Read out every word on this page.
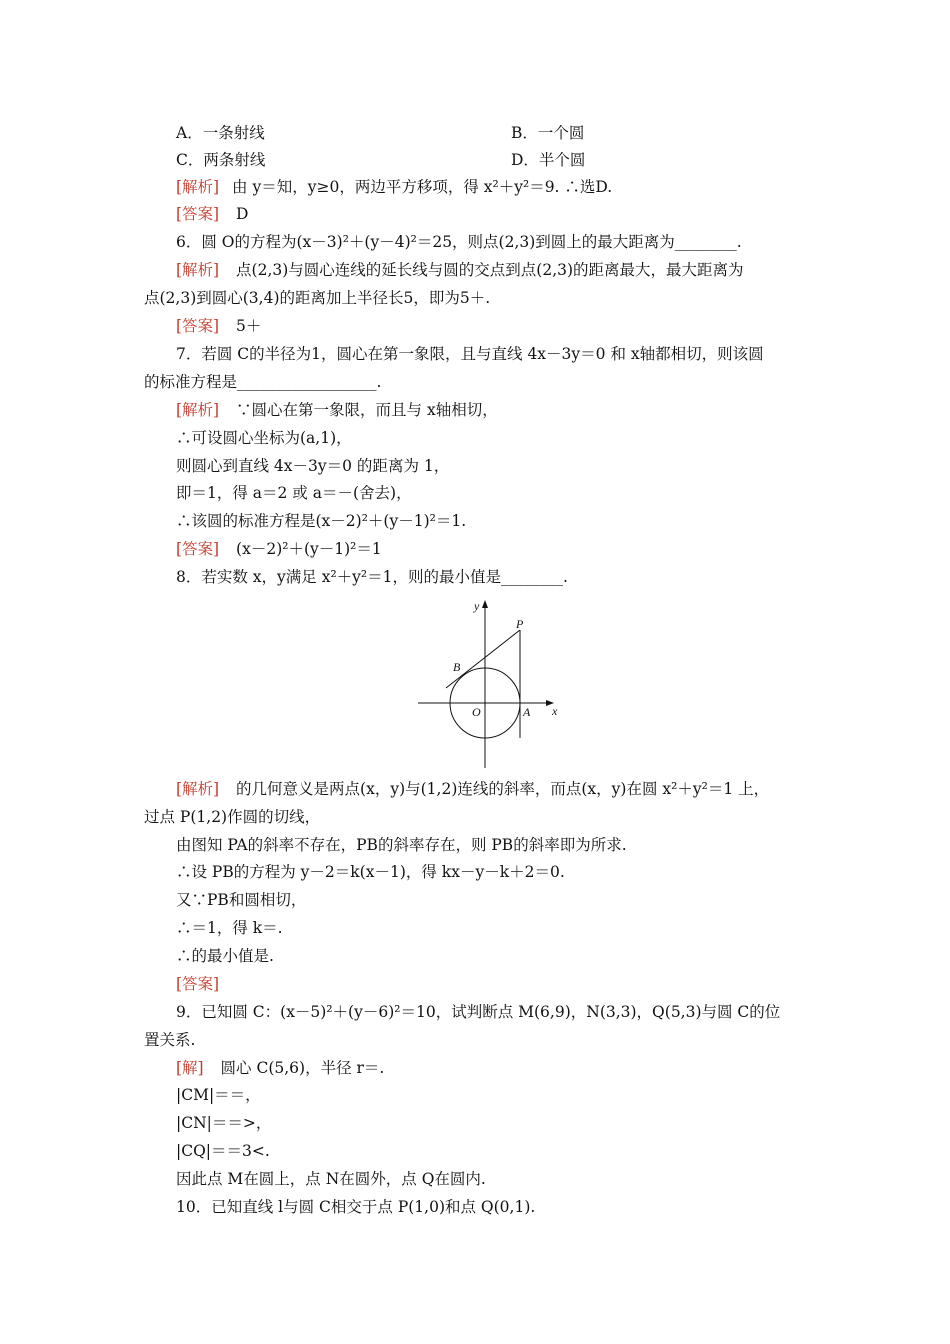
A．一条射线	B．一个圆
C．两条射线	D．半个圆
[解析] 由 y＝知，y≥0，两边平方移项，得 x²＋y²＝9. ∴选D.
[答案] D
6．圆 O的方程为(x－3)²＋(y－4)²＝25，则点(2,3)到圆上的最大距离为________.
[解析] 点(2,3)与圆心连线的延长线与圆的交点到点(2,3)的距离最大，最大距离为
点(2,3)到圆心(3,4)的距离加上半径长5，即为5＋.
[答案] 5＋
7．若圆 C的半径为1，圆心在第一象限，且与直线 4x－3y＝0 和 x轴都相切，则该圆
的标准方程是__________________.
[解析] ∵圆心在第一象限，而且与 x轴相切，
∴可设圆心坐标为(a,1)，
则圆心到直线 4x－3y＝0 的距离为 1，
即＝1，得 a＝2 或 a＝－(舍去)，
∴该圆的标准方程是(x－2)²＋(y－1)²＝1.
[答案] (x－2)²＋(y－1)²＝1
8．若实数 x，y满足 x²＋y²＝1，则的最小值是________.
y
x
P
B
O	A
[解析] 的几何意义是两点(x，y)与(1,2)连线的斜率，而点(x，y)在圆 x²＋y²＝1 上，
过点 P(1,2)作圆的切线，
由图知 PA的斜率不存在，PB的斜率存在，则 PB的斜率即为所求.
∴设 PB的方程为 y－2＝k(x－1)，得 kx－y－k＋2＝0.
又∵PB和圆相切，
∴＝1，得 k＝.
∴的最小值是.
[答案]
9．已知圆 C：(x－5)²＋(y－6)²＝10，试判断点 M(6,9)，N(3,3)，Q(5,3)与圆 C的位
置关系.
[解] 圆心 C(5,6)，半径 r＝.
|CM|＝＝，
|CN|＝＝>，
|CQ|＝＝3<.
因此点 M在圆上，点 N在圆外，点 Q在圆内.
10．已知直线 l与圆 C相交于点 P(1,0)和点 Q(0,1).
